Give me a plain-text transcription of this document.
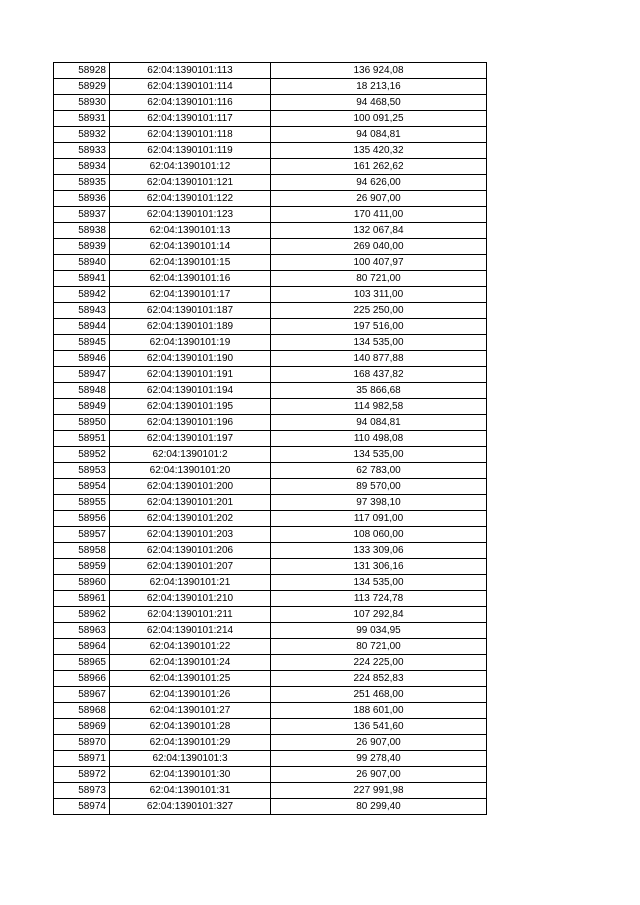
58928	62:04:1390101:113	136 924,08
58929	62:04:1390101:114	18 213,16
58930	62:04:1390101:116	94 468,50
58931	62:04:1390101:117	100 091,25
58932	62:04:1390101:118	94 084,81
58933	62:04:1390101:119	135 420,32
58934	62:04:1390101:12	161 262,62
58935	62:04:1390101:121	94 626,00
58936	62:04:1390101:122	26 907,00
58937	62:04:1390101:123	170 411,00
58938	62:04:1390101:13	132 067,84
58939	62:04:1390101:14	269 040,00
58940	62:04:1390101:15	100 407,97
58941	62:04:1390101:16	80 721,00
58942	62:04:1390101:17	103 311,00
58943	62:04:1390101:187	225 250,00
58944	62:04:1390101:189	197 516,00
58945	62:04:1390101:19	134 535,00
58946	62:04:1390101:190	140 877,88
58947	62:04:1390101:191	168 437,82
58948	62:04:1390101:194	35 866,68
58949	62:04:1390101:195	114 982,58
58950	62:04:1390101:196	94 084,81
58951	62:04:1390101:197	110 498,08
58952	62:04:1390101:2	134 535,00
58953	62:04:1390101:20	62 783,00
58954	62:04:1390101:200	89 570,00
58955	62:04:1390101:201	97 398,10
58956	62:04:1390101:202	117 091,00
58957	62:04:1390101:203	108 060,00
58958	62:04:1390101:206	133 309,06
58959	62:04:1390101:207	131 306,16
58960	62:04:1390101:21	134 535,00
58961	62:04:1390101:210	113 724,78
58962	62:04:1390101:211	107 292,84
58963	62:04:1390101:214	99 034,95
58964	62:04:1390101:22	80 721,00
58965	62:04:1390101:24	224 225,00
58966	62:04:1390101:25	224 852,83
58967	62:04:1390101:26	251 468,00
58968	62:04:1390101:27	188 601,00
58969	62:04:1390101:28	136 541,60
58970	62:04:1390101:29	26 907,00
58971	62:04:1390101:3	99 278,40
58972	62:04:1390101:30	26 907,00
58973	62:04:1390101:31	227 991,98
58974	62:04:1390101:327	80 299,40
